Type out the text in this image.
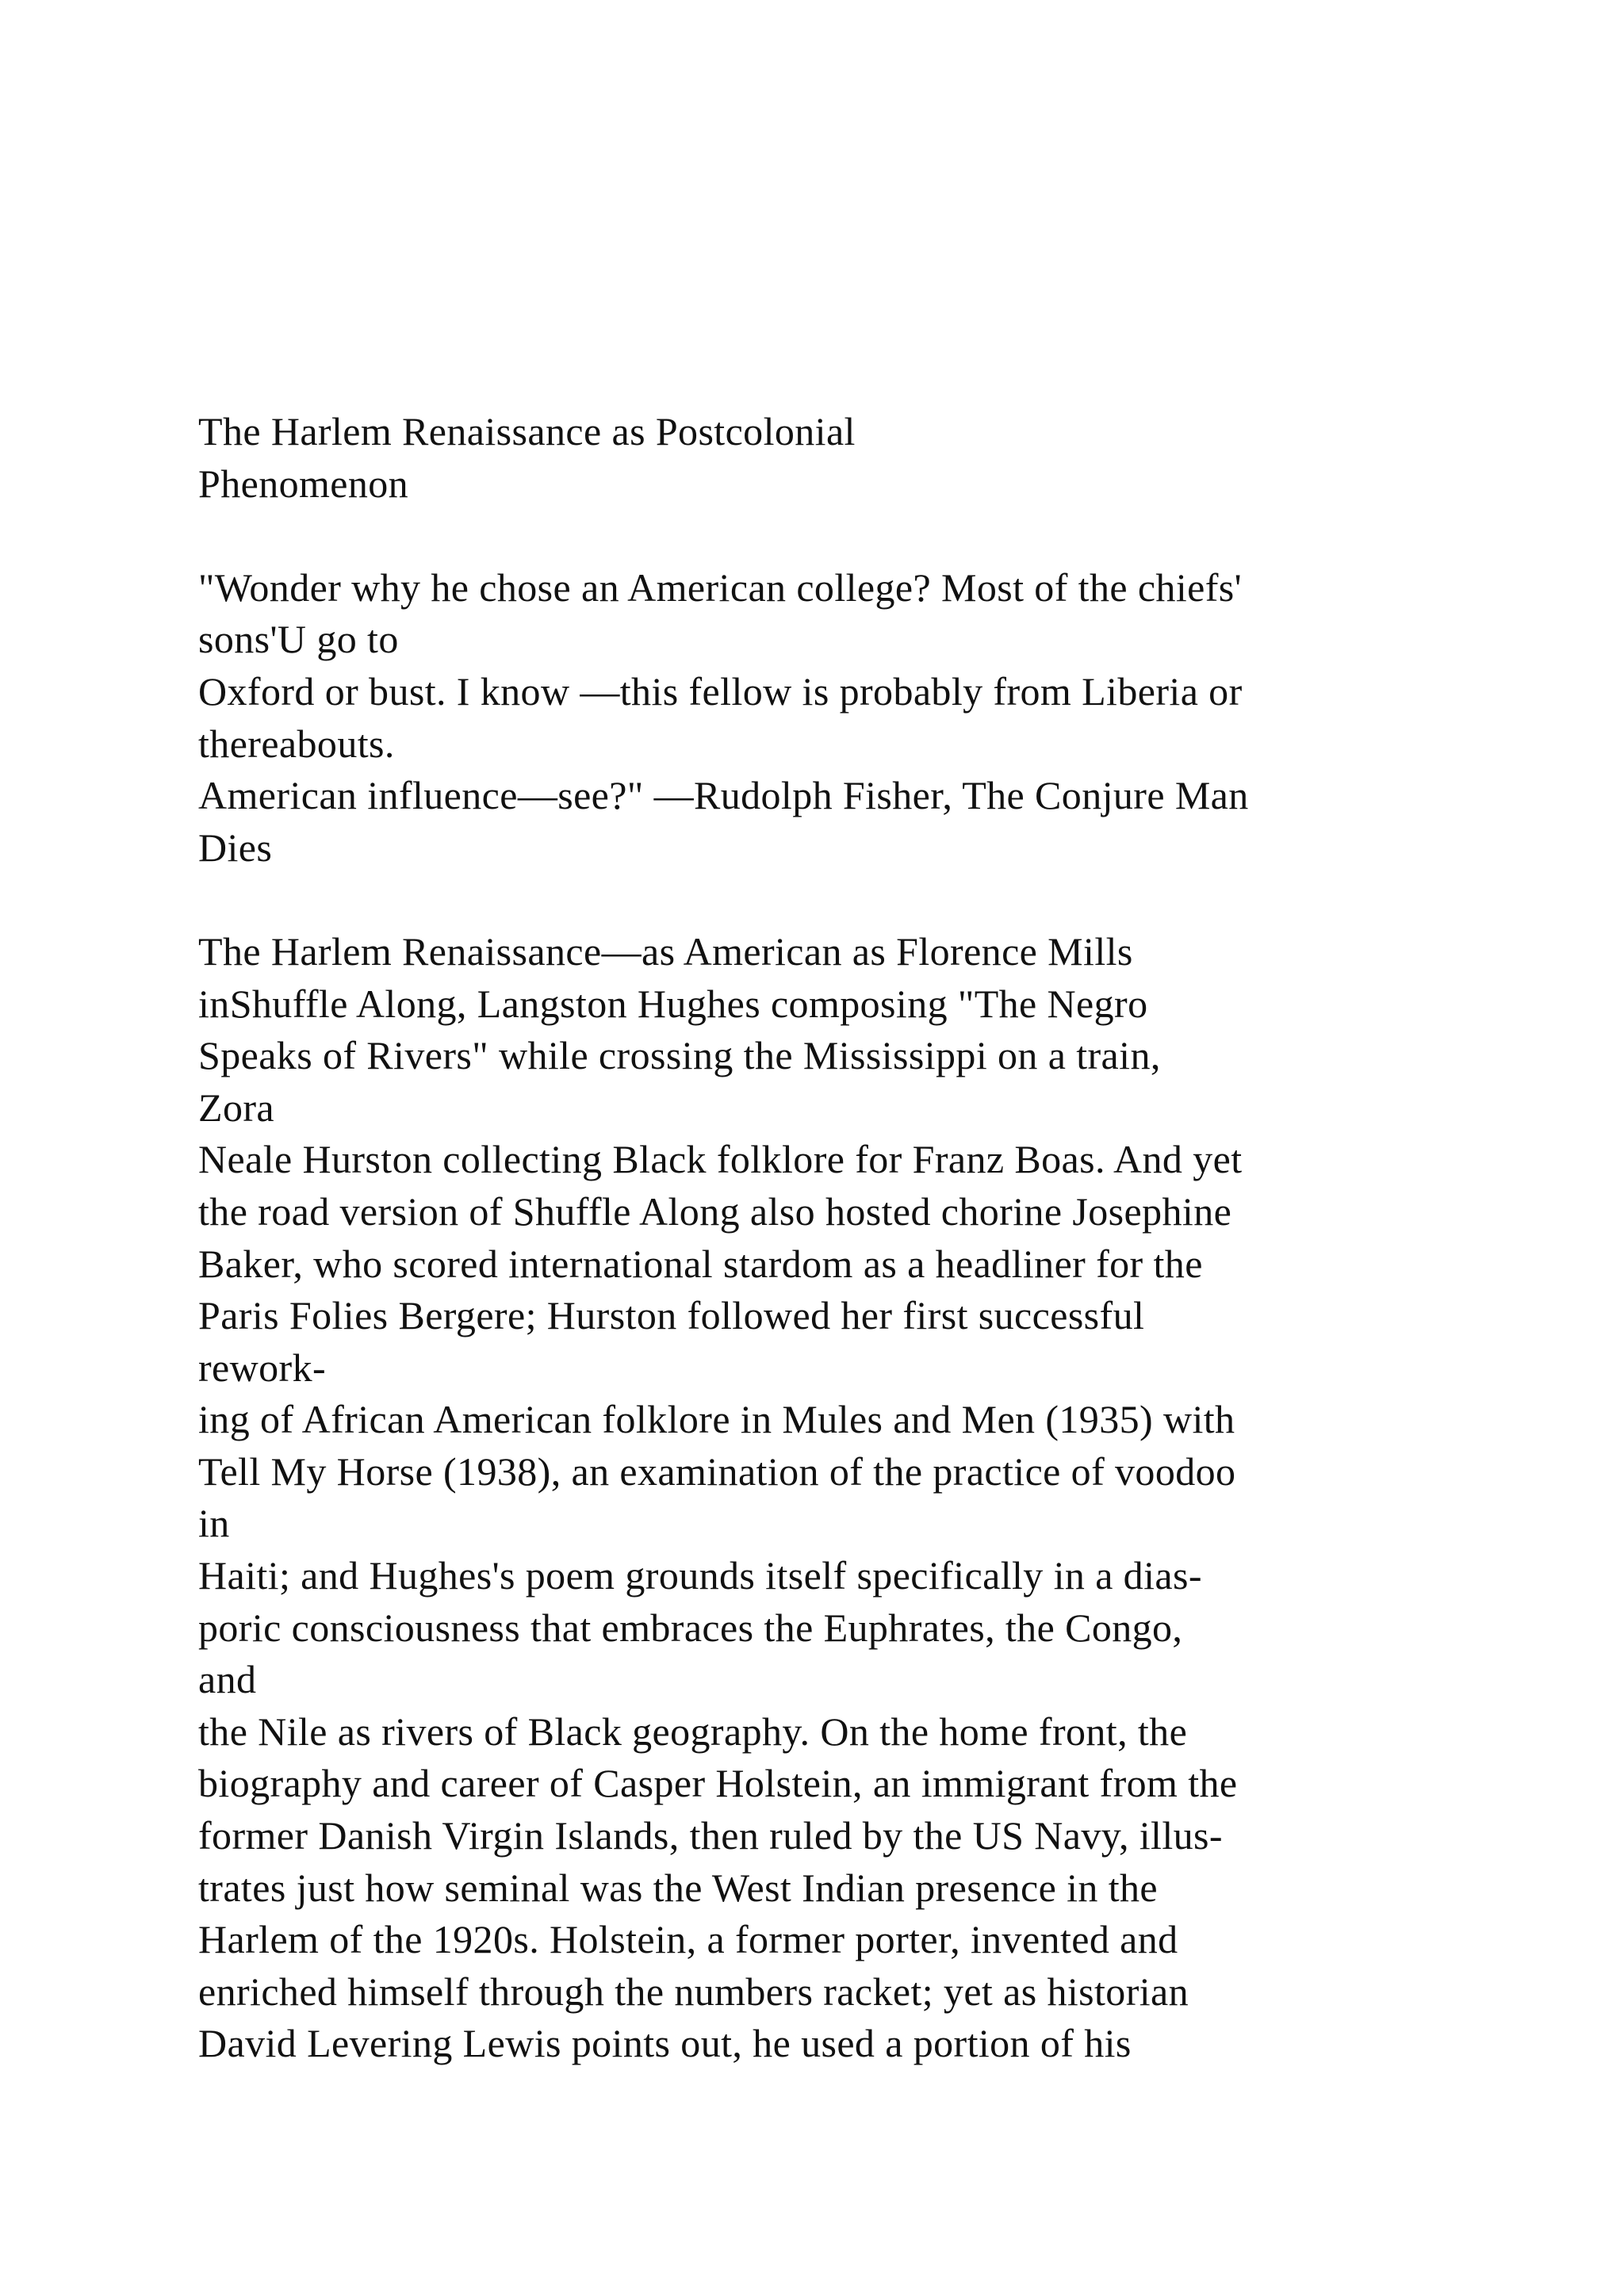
The Harlem Renaissance as Postcolonial
Phenomenon
"Wonder why he chose an American college? Most of the chiefs'
sons'U go to
Oxford or bust. I know —this fellow is probably from Liberia or
thereabouts.
American influence—see?" —Rudolph Fisher, The Conjure Man
Dies
The Harlem Renaissance—as American as Florence Mills
inShuffle Along, Langston Hughes composing "The Negro
Speaks of Rivers" while crossing the Mississippi on a train,
Zora
Neale Hurston collecting Black folklore for Franz Boas. And yet
the road version of Shuffle Along also hosted chorine Josephine
Baker, who scored international stardom as a headliner for the
Paris Folies Bergere; Hurston followed her first successful
rework-
ing of African American folklore in Mules and Men (1935) with
Tell My Horse (1938), an examination of the practice of voodoo
in
Haiti; and Hughes's poem grounds itself specifically in a dias-
poric consciousness that embraces the Euphrates, the Congo,
and
the Nile as rivers of Black geography. On the home front, the
biography and career of Casper Holstein, an immigrant from the
former Danish Virgin Islands, then ruled by the US Navy, illus-
trates just how seminal was the West Indian presence in the
Harlem of the 1920s. Holstein, a former porter, invented and
enriched himself through the numbers racket; yet as historian
David Levering Lewis points out, he used a portion of his
